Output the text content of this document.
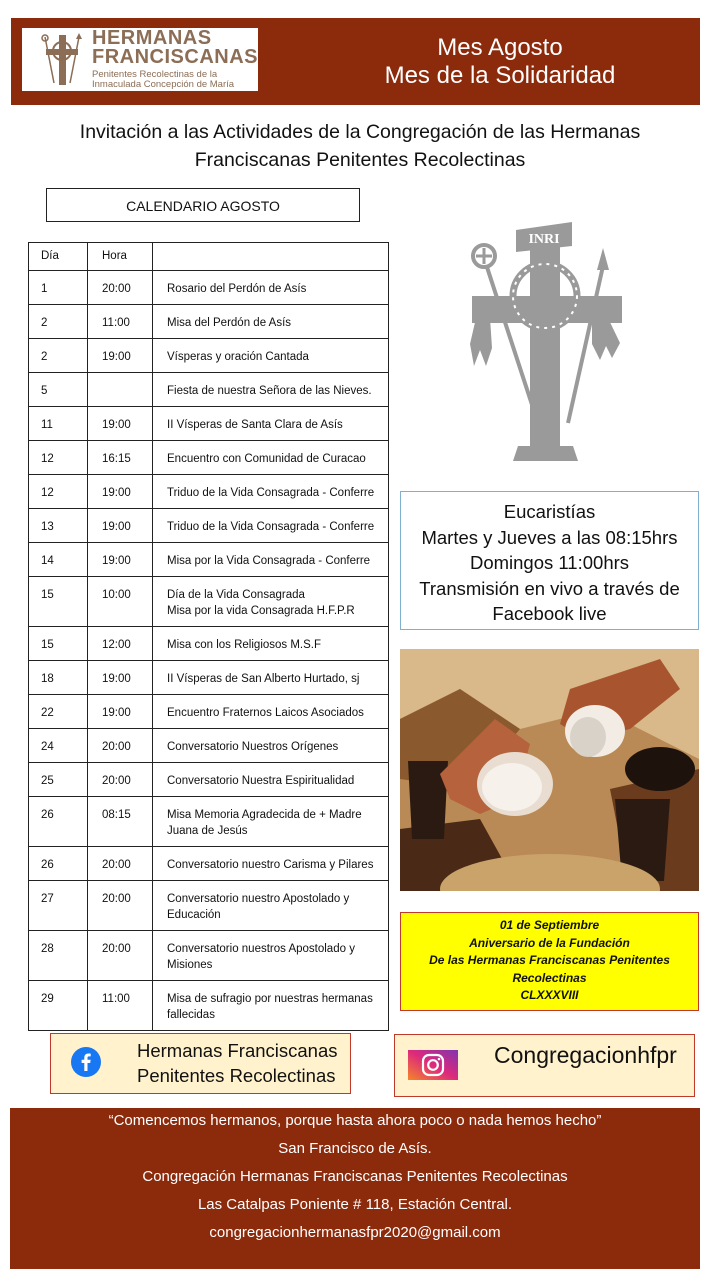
HERMANAS
FRANCISCANAS
Penitentes Recolectinas de la
Inmaculada Concepción de María
Mes Agosto
Mes de la Solidaridad
Invitación a las Actividades de la Congregación de las Hermanas
Franciscanas Penitentes Recolectinas
CALENDARIO AGOSTO
Día	Hora	

1	20:00	Rosario del Perdón de Asís

2	11:00	Misa del Perdón de Asís

2	19:00	Vísperas y oración Cantada

5		Fiesta de nuestra Señora de las Nieves.

11	19:00	II Vísperas de Santa Clara de Asís

12	16:15	Encuentro con Comunidad de Curacao

12	19:00	Triduo de la Vida Consagrada - Conferre

13	19:00	Triduo de la Vida Consagrada - Conferre

14	19:00	Misa por la Vida Consagrada - Conferre

15	10:00	Día de la Vida Consagrada
Misa por la vida Consagrada H.F.P.R

15	12:00	Misa con los Religiosos M.S.F

18	19:00	II Vísperas de San Alberto Hurtado, sj

22	19:00	Encuentro Fraternos Laicos Asociados

24	20:00	Conversatorio Nuestros Orígenes

25	20:00	Conversatorio Nuestra Espiritualidad

26	08:15	Misa Memoria Agradecida de + Madre
Juana de Jesús

26	20:00	Conversatorio nuestro Carisma y Pilares

27	20:00	Conversatorio nuestro Apostolado y
Educación

28	20:00	Conversatorio nuestros Apostolado y
Misiones

29	11:00	Misa de sufragio por nuestras hermanas
fallecidas
INRI
Eucaristías
Martes y Jueves a las 08:15hrs
Domingos 11:00hrs
Transmisión en vivo a través de
Facebook live
01 de Septiembre
Aniversario de la Fundación
De las Hermanas Franciscanas Penitentes
Recolectinas
CLXXXVIII
Hermanas Franciscanas
Penitentes Recolectinas
Congregacionhfpr
“Comencemos hermanos, porque hasta ahora poco o nada hemos hecho”
San Francisco de Asís.
Congregación Hermanas Franciscanas Penitentes Recolectinas
Las Catalpas Poniente # 118, Estación Central.
congregacionhermanasfpr2020@gmail.com
